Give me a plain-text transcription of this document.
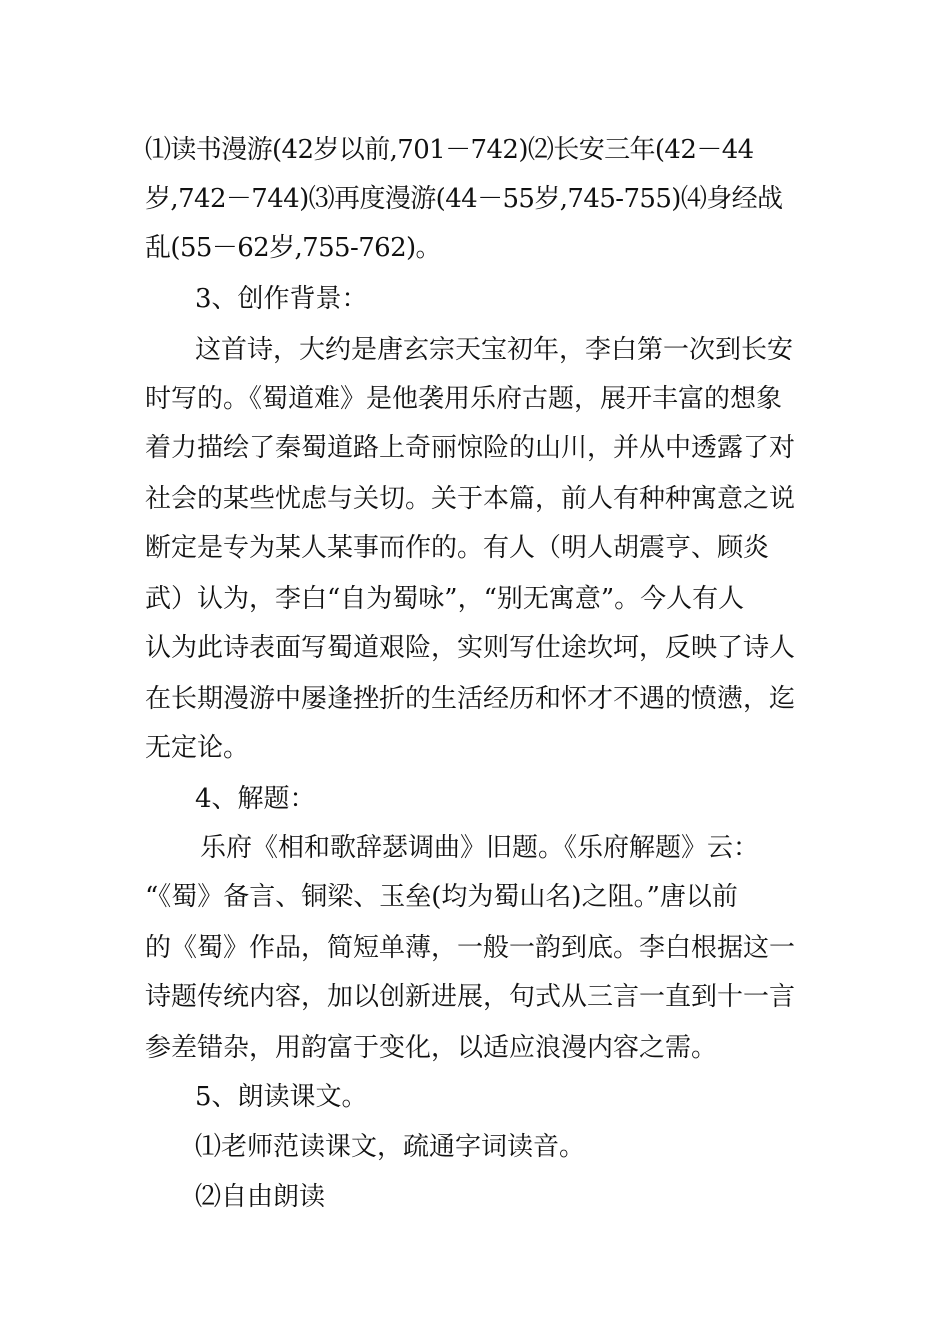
⑴读书漫游(42岁以前,701－742)⑵长安三年(42－44

岁,742－744)⑶再度漫游(44－55岁,745-755)⑷身经战

乱(55－62岁,755-762)。

3、创作背景：

这首诗，大约是唐玄宗天宝初年，李白第一次到长安

时写的。《蜀道难》是他袭用乐府古题，展开丰富的想象

着力描绘了秦蜀道路上奇丽惊险的山川，并从中透露了对

社会的某些忧虑与关切。关于本篇，前人有种种寓意之说

断定是专为某人某事而作的。有人（明人胡震亨、顾炎

武）认为，李白“自为蜀咏”，“别无寓意”。今人有人

认为此诗表面写蜀道艰险，实则写仕途坎坷，反映了诗人

在长期漫游中屡逢挫折的生活经历和怀才不遇的愤懑，迄

无定论。

4、解题：

乐府《相和歌辞瑟调曲》旧题。《乐府解题》云：

“《蜀》备言、铜梁、玉垒(均为蜀山名)之阻。”唐以前

的《蜀》作品，简短单薄，一般一韵到底。李白根据这一

诗题传统内容，加以创新进展，句式从三言一直到十一言

参差错杂，用韵富于变化，以适应浪漫内容之需。

5、朗读课文。

⑴老师范读课文，疏通字词读音。

⑵自由朗读
